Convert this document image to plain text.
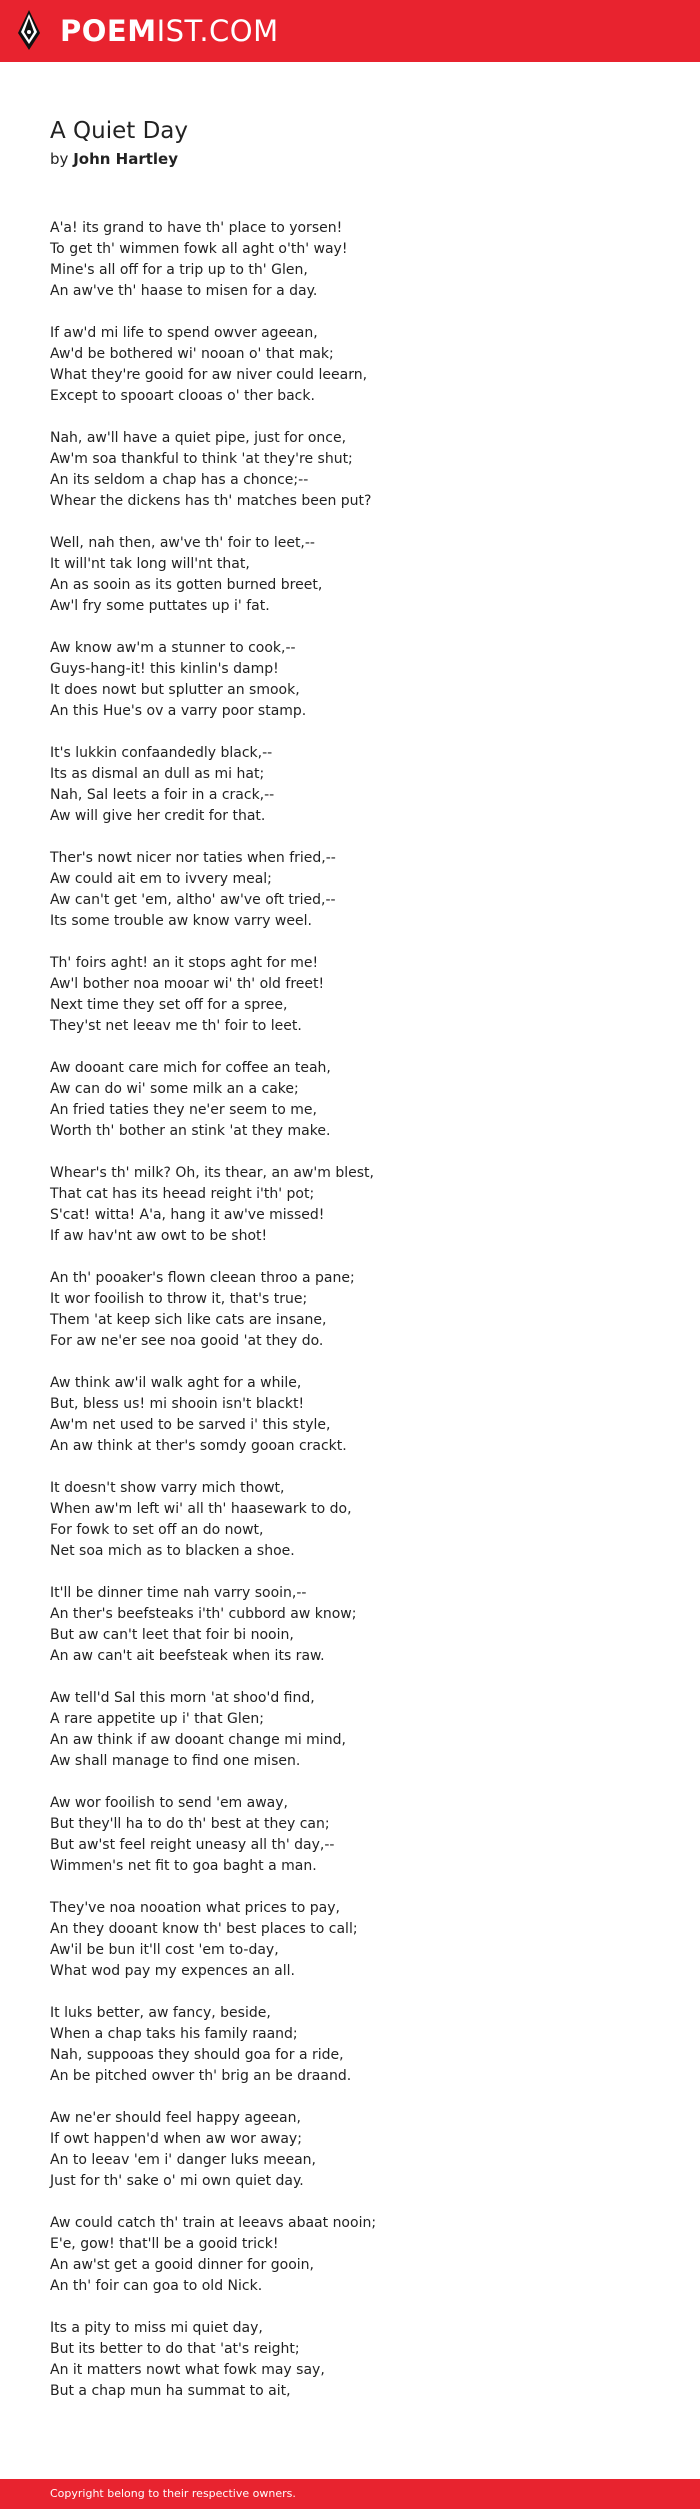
POEMIST.COM
A Quiet Day
by John Hartley
A'a! its grand to have th' place to yorsen!
To get th' wimmen fowk all aght o'th' way!
Mine's all off for a trip up to th' Glen,
An aw've th' haase to misen for a day.
If aw'd mi life to spend owver ageean,
Aw'd be bothered wi' nooan o' that mak;
What they're gooid for aw niver could leearn,
Except to spooart clooas o' ther back.
Nah, aw'll have a quiet pipe, just for once,
Aw'm soa thankful to think 'at they're shut;
An its seldom a chap has a chonce;--
Whear the dickens has th' matches been put?
Well, nah then, aw've th' foir to leet,--
It will'nt tak long will'nt that,
An as sooin as its gotten burned breet,
Aw'l fry some puttates up i' fat.
Aw know aw'm a stunner to cook,--
Guys-hang-it! this kinlin's damp!
It does nowt but splutter an smook,
An this Hue's ov a varry poor stamp.
It's lukkin confaandedly black,--
Its as dismal an dull as mi hat;
Nah, Sal leets a foir in a crack,--
Aw will give her credit for that.
Ther's nowt nicer nor taties when fried,--
Aw could ait em to ivvery meal;
Aw can't get 'em, altho' aw've oft tried,--
Its some trouble aw know varry weel.
Th' foirs aght! an it stops aght for me!
Aw'l bother noa mooar wi' th' old freet!
Next time they set off for a spree,
They'st net leeav me th' foir to leet.
Aw dooant care mich for coffee an teah,
Aw can do wi' some milk an a cake;
An fried taties they ne'er seem to me,
Worth th' bother an stink 'at they make.
Whear's th' milk? Oh, its thear, an aw'm blest,
That cat has its heead reight i'th' pot;
S'cat! witta! A'a, hang it aw've missed!
If aw hav'nt aw owt to be shot!
An th' pooaker's flown cleean throo a pane;
It wor fooilish to throw it, that's true;
Them 'at keep sich like cats are insane,
For aw ne'er see noa gooid 'at they do.
Aw think aw'il walk aght for a while,
But, bless us! mi shooin isn't blackt!
Aw'm net used to be sarved i' this style,
An aw think at ther's somdy gooan crackt.
It doesn't show varry mich thowt,
When aw'm left wi' all th' haasewark to do,
For fowk to set off an do nowt,
Net soa mich as to blacken a shoe.
It'll be dinner time nah varry sooin,--
An ther's beefsteaks i'th' cubbord aw know;
But aw can't leet that foir bi nooin,
An aw can't ait beefsteak when its raw.
Aw tell'd Sal this morn 'at shoo'd find,
A rare appetite up i' that Glen;
An aw think if aw dooant change mi mind,
Aw shall manage to find one misen.
Aw wor fooilish to send 'em away,
But they'll ha to do th' best at they can;
But aw'st feel reight uneasy all th' day,--
Wimmen's net fit to goa baght a man.
They've noa nooation what prices to pay,
An they dooant know th' best places to call;
Aw'il be bun it'll cost 'em to-day,
What wod pay my expences an all.
It luks better, aw fancy, beside,
When a chap taks his family raand;
Nah, suppooas they should goa for a ride,
An be pitched owver th' brig an be draand.
Aw ne'er should feel happy ageean,
If owt happen'd when aw wor away;
An to leeav 'em i' danger luks meean,
Just for th' sake o' mi own quiet day.
Aw could catch th' train at leeavs abaat nooin;
E'e, gow! that'll be a gooid trick!
An aw'st get a gooid dinner for gooin,
An th' foir can goa to old Nick.
Its a pity to miss mi quiet day,
But its better to do that 'at's reight;
An it matters nowt what fowk may say,
But a chap mun ha summat to ait,
Copyright belong to their respective owners.
